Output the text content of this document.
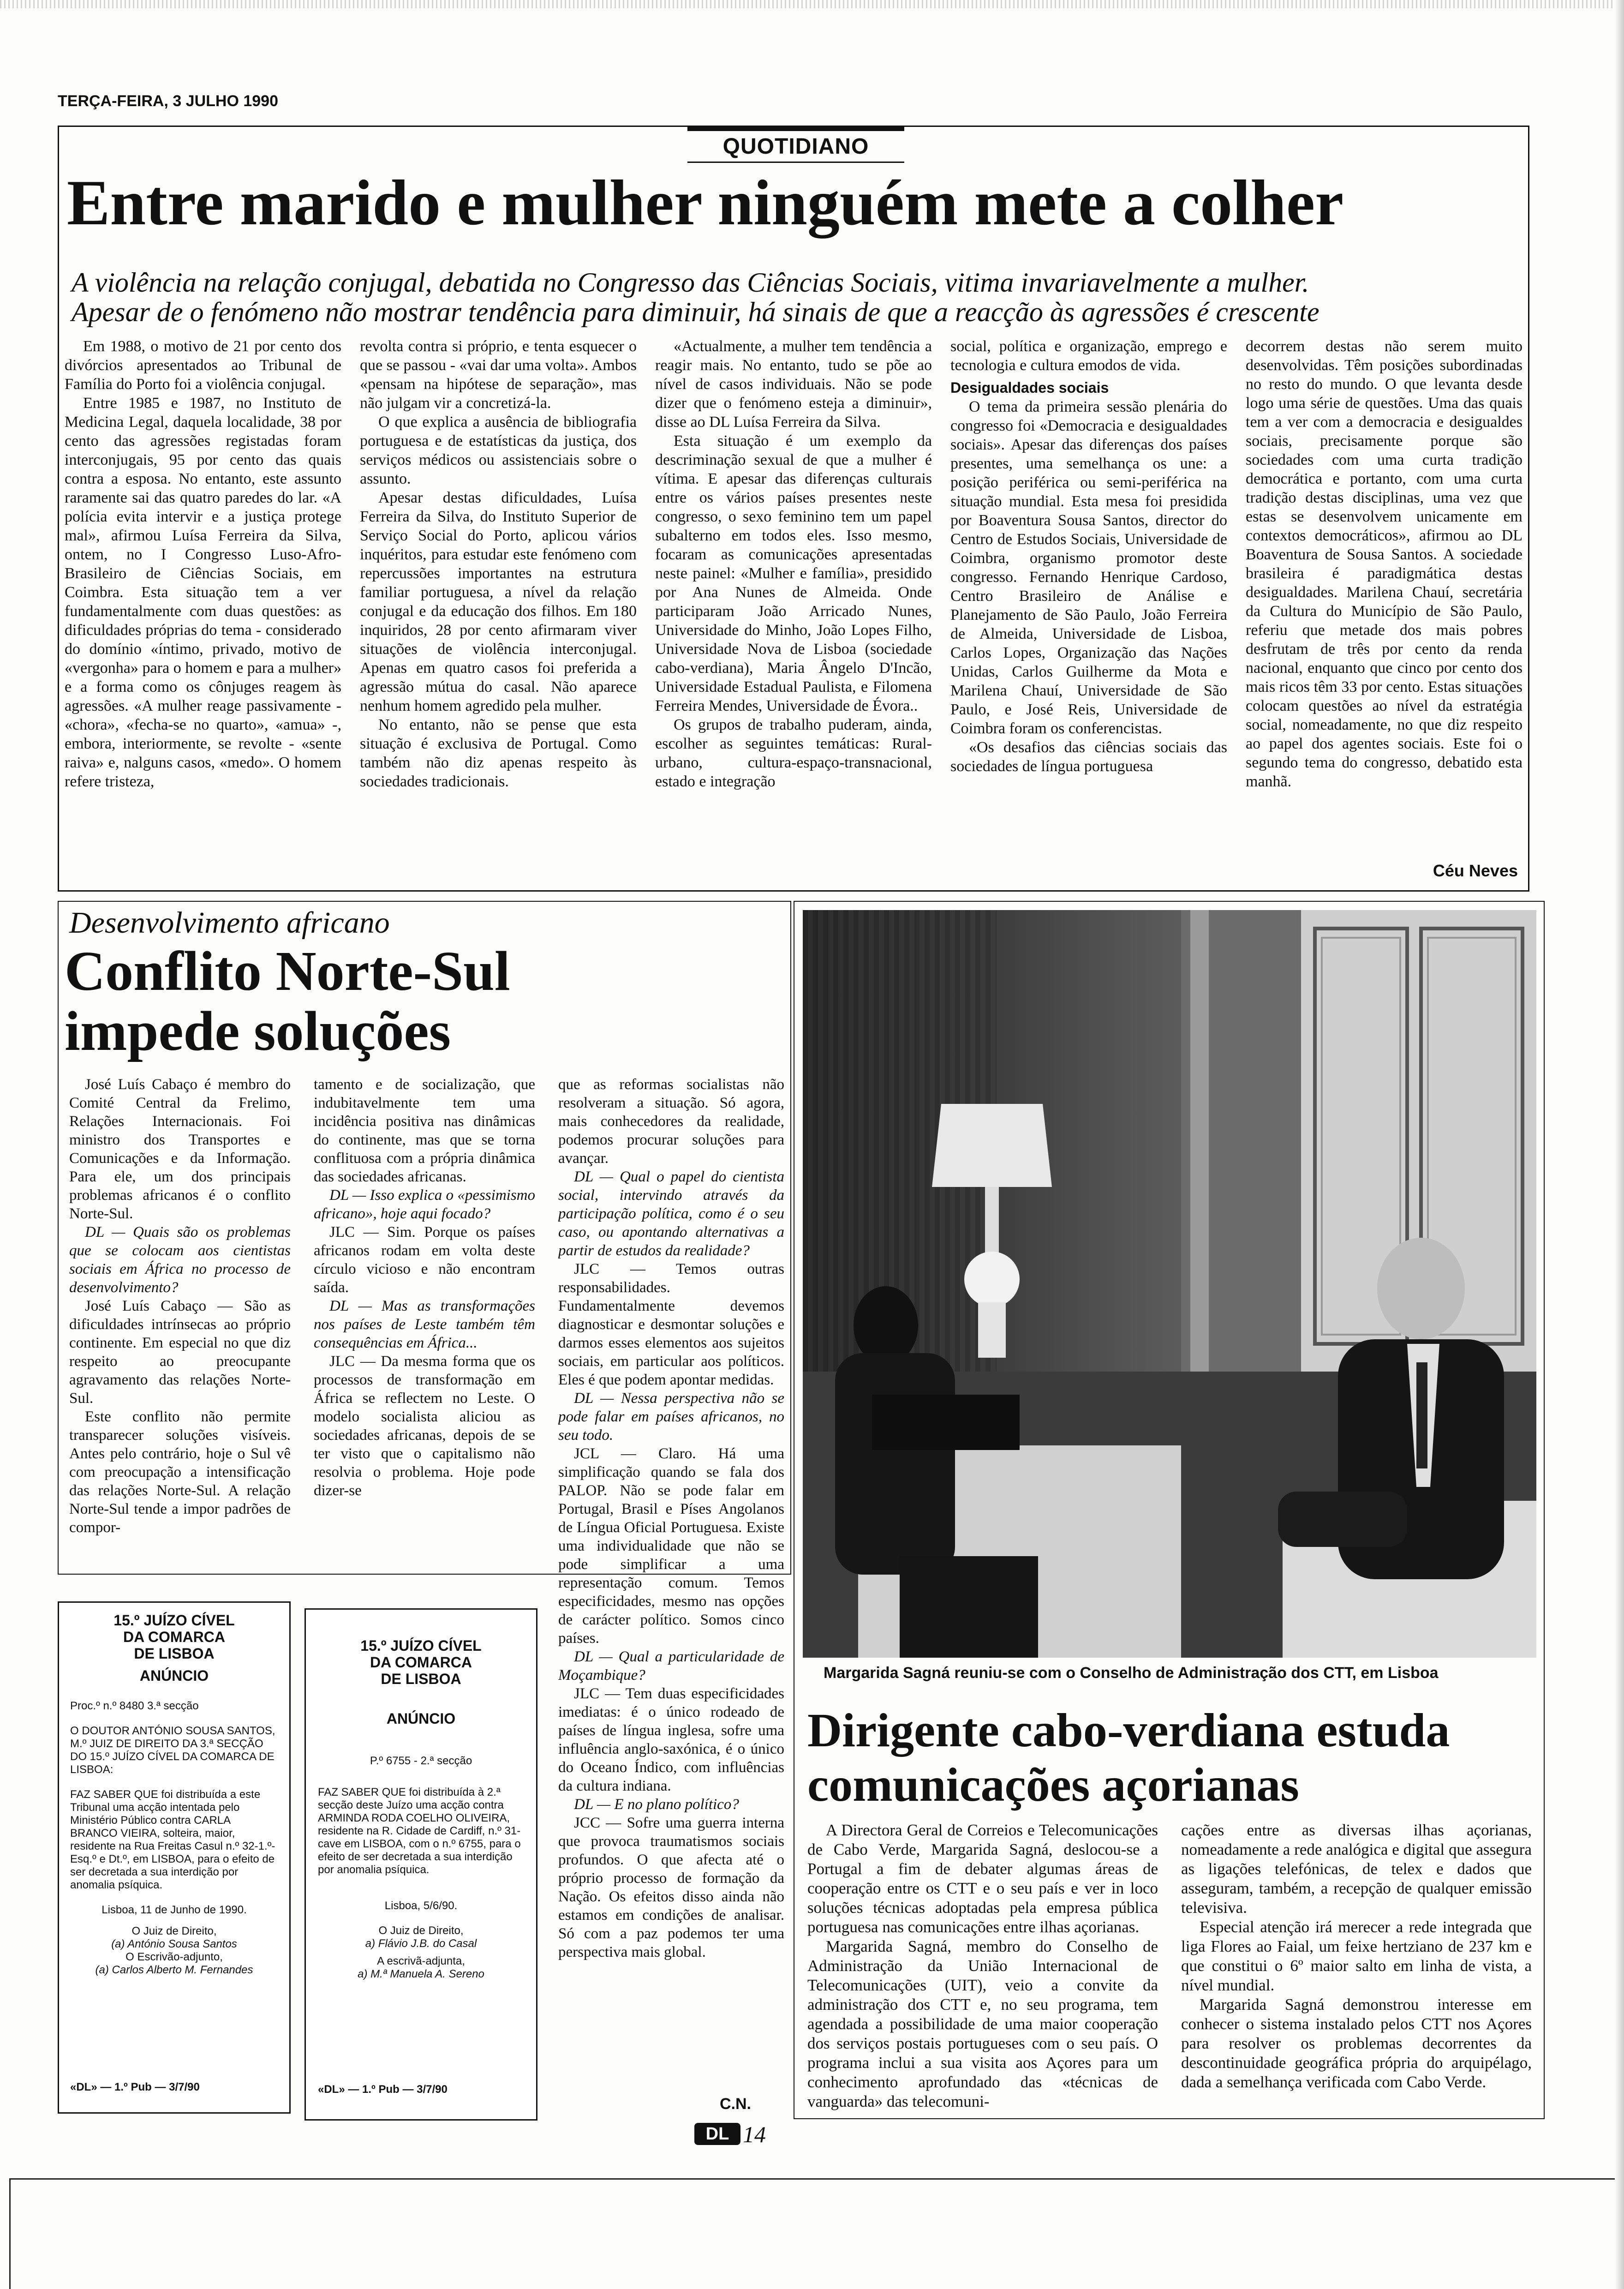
TERÇA-FEIRA, 3 JULHO 1990
QUOTIDIANO
Entre marido e mulher ninguém mete a colher
A violência na relação conjugal, debatida no Congresso das Ciências Sociais, vitima invariavelmente a mulher.
Apesar de o fenómeno não mostrar tendência para diminuir, há sinais de que a reacção às agressões é crescente

Em 1988, o motivo de 21 por cento dos divórcios apresentados ao Tribunal de Família do Porto foi a violência conjugal.

Entre 1985 e 1987, no Instituto de Medicina Legal, daquela localidade, 38 por cento das agressões registadas foram interconjugais, 95 por cento das quais contra a esposa. No entanto, este assunto raramente sai das quatro paredes do lar. «A polícia evita intervir e a justiça protege mal», afirmou Luísa Ferreira da Silva, ontem, no I Congresso Luso-Afro-Brasileiro de Ciências Sociais, em Coimbra. Esta situação tem a ver fundamentalmente com duas questões: as dificuldades próprias do tema - considerado do domínio «íntimo, privado, motivo de «vergonha» para o homem e para a mulher» e a forma como os cônjuges reagem às agressões. «A mulher reage passivamente - «chora», «fecha-se no quarto», «amua» -, embora, interiormente, se revolte - «sente raiva» e, nalguns casos, «medo». O homem refere tristeza,

revolta contra si próprio, e tenta esquecer o que se passou - «vai dar uma volta». Ambos «pensam na hipótese de separação», mas não julgam vir a concretizá-la.

O que explica a ausência de bibliografia portuguesa e de estatísticas da justiça, dos serviços médicos ou assistenciais sobre o assunto.

Apesar destas dificuldades, Luísa Ferreira da Silva, do Instituto Superior de Serviço Social do Porto, aplicou vários inquéritos, para estudar este fenómeno com repercussões importantes na estrutura familiar portuguesa, a nível da relação conjugal e da educação dos filhos. Em 180 inquiridos, 28 por cento afirmaram viver situações de violência interconjugal. Apenas em quatro casos foi preferida a agressão mútua do casal. Não aparece nenhum homem agredido pela mulher.

No entanto, não se pense que esta situação é exclusiva de Portugal. Como também não diz apenas respeito às sociedades tradicionais.

«Actualmente, a mulher tem tendência a reagir mais. No entanto, tudo se põe ao nível de casos individuais. Não se pode dizer que o fenómeno esteja a diminuir», disse ao DL Luísa Ferreira da Silva.

Esta situação é um exemplo da descriminação sexual de que a mulher é vítima. E apesar das diferenças culturais entre os vários países presentes neste congresso, o sexo feminino tem um papel subalterno em todos eles. Isso mesmo, focaram as comunicações apresentadas neste painel: «Mulher e família», presidido por Ana Nunes de Almeida. Onde participaram João Arricado Nunes, Universidade do Minho, João Lopes Filho, Universidade Nova de Lisboa (sociedade cabo-verdiana), Maria Ângelo D'Incão, Universidade Estadual Paulista, e Filomena Ferreira Mendes, Universidade de Évora..

Os grupos de trabalho puderam, ainda, escolher as seguintes temáticas: Rural-urbano, cultura-espaço-transnacional, estado e integração

social, política e organização, emprego e tecnologia e cultura emodos de vida.

Desigualdades sociais

O tema da primeira sessão plenária do congresso foi «Democracia e desigualdades sociais». Apesar das diferenças dos países presentes, uma semelhança os une: a posição periférica ou semi-periférica na situação mundial. Esta mesa foi presidida por Boaventura Sousa Santos, director do Centro de Estudos Sociais, Universidade de Coimbra, organismo promotor deste congresso. Fernando Henrique Cardoso, Centro Brasileiro de Análise e Planejamento de São Paulo, João Ferreira de Almeida, Universidade de Lisboa, Carlos Lopes, Organização das Nações Unidas, Carlos Guilherme da Mota e Marilena Chauí, Universidade de São Paulo, e José Reis, Universidade de Coimbra foram os conferencistas.

«Os desafios das ciências sociais das sociedades de língua portuguesa

decorrem destas não serem muito desenvolvidas. Têm posições subordinadas no resto do mundo. O que levanta desde logo uma série de questões. Uma das quais tem a ver com a democracia e desigualdes sociais, precisamente porque são sociedades com uma curta tradição democrática e portanto, com uma curta tradição destas disciplinas, uma vez que estas se desenvolvem unicamente em contextos democráticos», afirmou ao DL Boaventura de Sousa Santos. A sociedade brasileira é paradigmática destas desigualdades. Marilena Chauí, secretária da Cultura do Município de São Paulo, referiu que metade dos mais pobres desfrutam de três por cento da renda nacional, enquanto que cinco por cento dos mais ricos têm 33 por cento. Estas situações colocam questões ao nível da estratégia social, nomeadamente, no que diz respeito ao papel dos agentes sociais. Este foi o segundo tema do congresso, debatido esta manhã.

Céu Neves
Desenvolvimento africano
Conflito Norte-Sul
impede soluções

José Luís Cabaço é membro do Comité Central da Frelimo, Relações Internacionais. Foi ministro dos Transportes e Comunicações e da Informação. Para ele, um dos principais problemas africanos é o conflito Norte-Sul.

DL — Quais são os problemas que se colocam aos cientistas sociais em África no processo de desenvolvimento?

José Luís Cabaço — São as dificuldades intrínsecas ao próprio continente. Em especial no que diz respeito ao preocupante agravamento das relações Norte-Sul.

Este conflito não permite transparecer soluções visíveis. Antes pelo contrário, hoje o Sul vê com preocupação a intensificação das relações Norte-Sul. A relação Norte-Sul tende a impor padrões de compor-

tamento e de socialização, que indubitavelmente tem uma incidência positiva nas dinâmicas do continente, mas que se torna conflituosa com a própria dinâmica das sociedades africanas.

DL — Isso explica o «pessimismo africano», hoje aqui focado?

JLC — Sim. Porque os países africanos rodam em volta deste círculo vicioso e não encontram saída.

DL — Mas as transformações nos países de Leste também têm consequências em África...

JLC — Da mesma forma que os processos de transformação em África se reflectem no Leste. O modelo socialista aliciou as sociedades africanas, depois de se ter visto que o capitalismo não resolvia o problema. Hoje pode dizer-se

que as reformas socialistas não resolveram a situação. Só agora, mais conhecedores da realidade, podemos procurar soluções para avançar.

DL — Qual o papel do cientista social, intervindo através da participação política, como é o seu caso, ou apontando alternativas a partir de estudos da realidade?

JLC — Temos outras responsabilidades. Fundamentalmente devemos diagnosticar e desmontar soluções e darmos esses elementos aos sujeitos sociais, em particular aos políticos. Eles é que podem apontar medidas.

DL — Nessa perspectiva não se pode falar em países africanos, no seu todo.

JCL — Claro. Há uma simplificação quando se fala dos PALOP. Não se pode falar em Portugal, Brasil e Píses Angolanos de Língua Oficial Portuguesa. Existe uma individualidade que não se pode simplificar a uma representação comum. Temos especificidades, mesmo nas opções de carácter político. Somos cinco países.

DL — Qual a particularidade de Moçambique?

JLC — Tem duas especificidades imediatas: é o único rodeado de países de língua inglesa, sofre uma influência anglo-saxónica, é o único do Oceano Índico, com influências da cultura indiana.

DL — E no plano político?

JCC — Sofre uma guerra interna que provoca traumatismos sociais profundos. O que afecta até o próprio processo de formação da Nação. Os efeitos disso ainda não estamos em condições de analisar. Só com a paz podemos ter uma perspectiva mais global.

C.N.
15.º JUÍZO CÍVEL
DA COMARCA
DE LISBOA
ANÚNCIO
Proc.º n.º 8480 3.ª secção
O DOUTOR ANTÓNIO SOUSA SANTOS, M.º JUIZ DE DIREITO DA 3.ª SECÇÃO DO 15.º JUÍZO CÍVEL DA COMARCA DE LISBOA:
FAZ SABER QUE foi distribuída a este Tribunal uma acção intentada pelo Ministério Público contra CARLA BRANCO VIEIRA, solteira, maior, residente na Rua Freitas Casul n.º 32-1.º-Esq.º e Dt.º, em LISBOA, para o efeito de ser decretada a sua interdição por anomalia psíquica.
Lisboa, 11 de Junho de 1990.
O Juiz de Direito,
(a) António Sousa Santos
O Escrivão-adjunto,
(a) Carlos Alberto M. Fernandes
«DL» — 1.º Pub — 3/7/90
15.º JUÍZO CÍVEL
DA COMARCA
DE LISBOA
ANÚNCIO
P.º 6755 - 2.ª secção
FAZ SABER QUE foi distribuída à 2.ª secção deste Juízo uma acção contra ARMINDA RODA COELHO OLIVEIRA, residente na R. Cidade de Cardiff, n.º 31-cave em LISBOA, com o n.º 6755, para o efeito de ser decretada a sua interdição por anomalia psíquica.
Lisboa, 5/6/90.
O Juiz de Direito,
a) Flávio J.B. do Casal
A escrivã-adjunta,
a) M.ª Manuela A. Sereno
«DL» — 1.º Pub — 3/7/90
Margarida Sagná reuniu-se com o Conselho de Administração dos CTT, em Lisboa
Dirigente cabo-verdiana estuda
comunicações açorianas

A Directora Geral de Correios e Telecomunicações de Cabo Verde, Margarida Sagná, deslocou-se a Portugal a fim de debater algumas áreas de cooperação entre os CTT e o seu país e ver in loco soluções técnicas adoptadas pela empresa pública portuguesa nas comunicações entre ilhas açorianas.

Margarida Sagná, membro do Conselho de Administração da União Internacional de Telecomunicações (UIT), veio a convite da administração dos CTT e, no seu programa, tem agendada a possibilidade de uma maior cooperação dos serviços postais portugueses com o seu país. O programa inclui a sua visita aos Açores para um conhecimento aprofundado das «técnicas de vanguarda» das telecomuni-

cações entre as diversas ilhas açorianas, nomeadamente a rede analógica e digital que assegura as ligações telefónicas, de telex e dados que asseguram, também, a recepção de qualquer emissão televisiva.

Especial atenção irá merecer a rede integrada que liga Flores ao Faial, um feixe hertziano de 237 km e que constitui o 6º maior salto em linha de vista, a nível mundial.

Margarida Sagná demonstrou interesse em conhecer o sistema instalado pelos CTT nos Açores para resolver os problemas decorrentes da descontinuidade geográfica própria do arquipélago, dada a semelhança verificada com Cabo Verde.

DL 14
